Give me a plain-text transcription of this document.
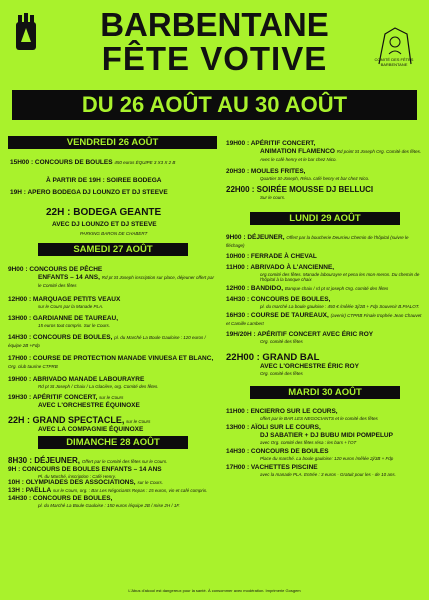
COMITÉ DES FÊTES BARBENTANE
BARBENTANE
FÊTE VOTIVE
DU 26 AOÛT AU 30 AOÛT
VENDREDI 26 AOÛT
15H00 : CONCOURS DE BOULES 450 euros ÉQUIPE 3 X3 X 2 B
À PARTIR DE 19H : SOIREE BODEGA
19H : APERO BODEGA DJ LOUNZO ET DJ STEEVE
22H : BODEGA GEANTE
AVEC DJ LOUNZO ET DJ STEEVE
PARKING BARON DE CHABERT
SAMEDI 27 AOÛT
9H00 : CONCOURS DE PÊCHE
ENFANTS – 14 ANS, Rd pt St Joseph inscription sur place, déjeuner offert par le Comité des fêtes
12H00 : MARQUAGE PETITS VEAUX
sur le Cours par la Manade PLA.
13H00 : GARDIANNE DE TAUREAU,
15 euros tout compris. Sur le Cours.
14H30 : CONCOURS DE BOULES, pl. du Marché La Boule Gauloise : 120 euros /équipe 2B +Fdp
17H00 : COURSE DE PROTECTION MANADE VINUESA ET BLANC, Org. club taurine CTPRB
19H00 : ABRIVADO MANADE LABOURAYRE
Rd pt St Joseph / Chaix / La Glacière, org. Comité des fêtes.
19H30 : APÉRITIF CONCERT, sur le Cours
AVEC L'ORCHESTRE ÉQUINOXE
22H : GRAND SPECTACLE, sur le Cours
AVEC LA COMPAGNIE ÉQUINOXE
DIMANCHE 28 AOÛT
8H30 : DÉJEUNER, Offert par le Comité des fêtes sur le Cours.
9H : CONCOURS DE BOULES ENFANTS – 14 ANS
Pl. du Marché, inscription : Café Henry.
10H : OLYMPIADES DES ASSOCIATIONS, sur le Cours.
13H : PAËLLA sur le Cours, org. : Bar Les Négociants Repas : 15 euros, vin et café compris.
14H30 : CONCOURS DE BOULES,
pl. du Marché La Boule Gauloise : 150 euros /équipe 2B / mise 2H / 1F.
19H00 : APÉRITIF CONCERT,
ANIMATION FLAMENCO Rd point St Joseph Org. Comité des fêtes. Avec le café henry et le bar chez Nico.
20H30 : MOULES FRITES,
Quartier St-Joseph, Résa. café henry et bar chez Nico.
22H00 : SOIRÉE MOUSSE DJ BELLUCI
Sur le cours.
LUNDI 29 AOÛT
9H00 : DÉJEUNER, Offert par la boucherie Deurrieu Chemin de l'hôpital (suivre le fléchage)
10H00 : FERRADE À CHEVAL
11H00 : ABRIVADO À L'ANCIENNE,
org.comité des fêtes. Manade labourayre et pena les mon-meros. Du chemin de l'hôpital à la banque chaix
12H00 : BANDIDO, Banque chaix / rd pt st joseph Org. comité des fêtes
14H30 : CONCOURS DE BOULES,
pl. du marché La boule gauloise : 450 € /mêlée 3j/2B + Fdp Souvenir B.PIALOT.
16H30 : COURSE DE TAUREAUX, (avenir) CTPRB Finale trophée Jean Chauvet et Camille Lambert
19H/20H : APÉRITIF CONCERT AVEC ÉRIC ROY
Org. comité des fêtes
22H00 : GRAND BAL
AVEC L'ORCHESTRE ÉRIC ROY
Org. comité des fêtes
MARDI 30 AOÛT
11H00 : ENCIERRO SUR LE COURS,
offert par le BAR LES NEGOCIANTS et le comité des fêtes
13H00 : AÏOLI SUR LE COURS,
DJ SABATIER + DJ BUBU MIDI POMPELUP
avec Org. comité des fêtes résa : les bars + l'OT
14H30 : CONCOURS DE BOULES
Place du marché. La boule gauloise: 120 euros /mêlée 2j/3B + Fdp
17H00 : VACHETTES PISCINE
avec la manade PLA. Entrée : 3 euros · Gratuit pour les - de 10 ans.
L'Abus d'alcool est dangereux pour la santé. À consommer avec modération. Imprimerie Gosgem
